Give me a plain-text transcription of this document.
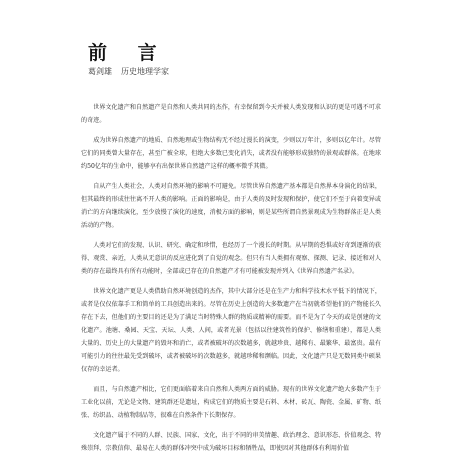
前 言
葛剑雄 历史地理学家

世界文化遗产和自然遗产是自然和人类共同的杰作，有幸保留到今天并被人类发现和认识的更是可遇不可求的奇迹。

成为世界自然遗产的地质、自然地理或生物结构无不经过漫长的演变，少则以万年计，多则以亿年计。尽管它们的同类曾大量存在，甚至广被全球，但绝大多数已变化消失，或者没有能够形成独特的景观或群落。在地球约50亿年的生命中，能够享有出保世界自然遗产这样的概率微乎其微。

自从产生人类社会，人类对自然环境的影响不可避免。尽管世界自然遗产基本都是自然界本身演化的结果，但其最终的形成往往离不开人类的影响。正面的影响是，由于人类的及时发现和保护，使它们不至于向着变异或消亡的方向继续演化，至少放慢了演化的速度，消极方面的影响，则是某些所谓自然景观成为生物群落正是人类活动的产物。

人类对它们的发现、认识、研究、确定和珍惜，也经历了一个漫长的时期。从早期的恐惧或好奇到逐渐的获得、观赏、亲近，人类从无意识的反应进化到了自觉的观念。但只有当人类拥有观察、探测、记录、接近和对人类的存在最终具有所有功能时，全部或已存在的自然遗产才有可能被发现并列入《世界自然遗产名录》。

世界文化遗产更是人类借助自然环境创造的杰作，其中大部分还是在生产力和科学技术水平低下的情况下，或者是仅仅依靠手工和简单的工具创造出来的。尽管在历史上创造的大多数遗产在当初就希望他们的产物能长久存在下去，但他们的主要目的还是为了满足当时特殊人群的物质或精神的需要。而不是为了今天的或是创建的文化遗产。池塘、桑园、天宝、天坛、人类、人间，或者光景（包括以往建筑性的保护、修缮和重建），都是人类大量的、历史上的大量遗产的毁坏和消亡，或者被破坏的次数越多，就越珍贵、越稀有、最繁华、最富贵。最有可能引力的往往最先受到破坏，或者被破坏的次数越多，就越珍稀和濒临。因此，文化遗产只是无数同类中硕果仅存的幸运者。

而且，与自然遗产相比，它们更面临着来自自然和人类两方面的威胁。现有的世界文化遗产绝大多数产生于工业化以前，无论是文物、建筑群还是遗址，构成它们的物质主要是石料、木材、砖瓦、陶瓷、金属、矿物、纸张、纺织品、动植物制品等，很难在自然条件下长期保存。

文化遗产属于不同的人群、民族、国家、文化，出于不同的审美情趣、政治理念、意识形态、价值观念、特殊崇拜、宗教信仰、最易在人类的群体冲突中成为破坏目标和牺牲品，即使因对其他群体有利用价值
